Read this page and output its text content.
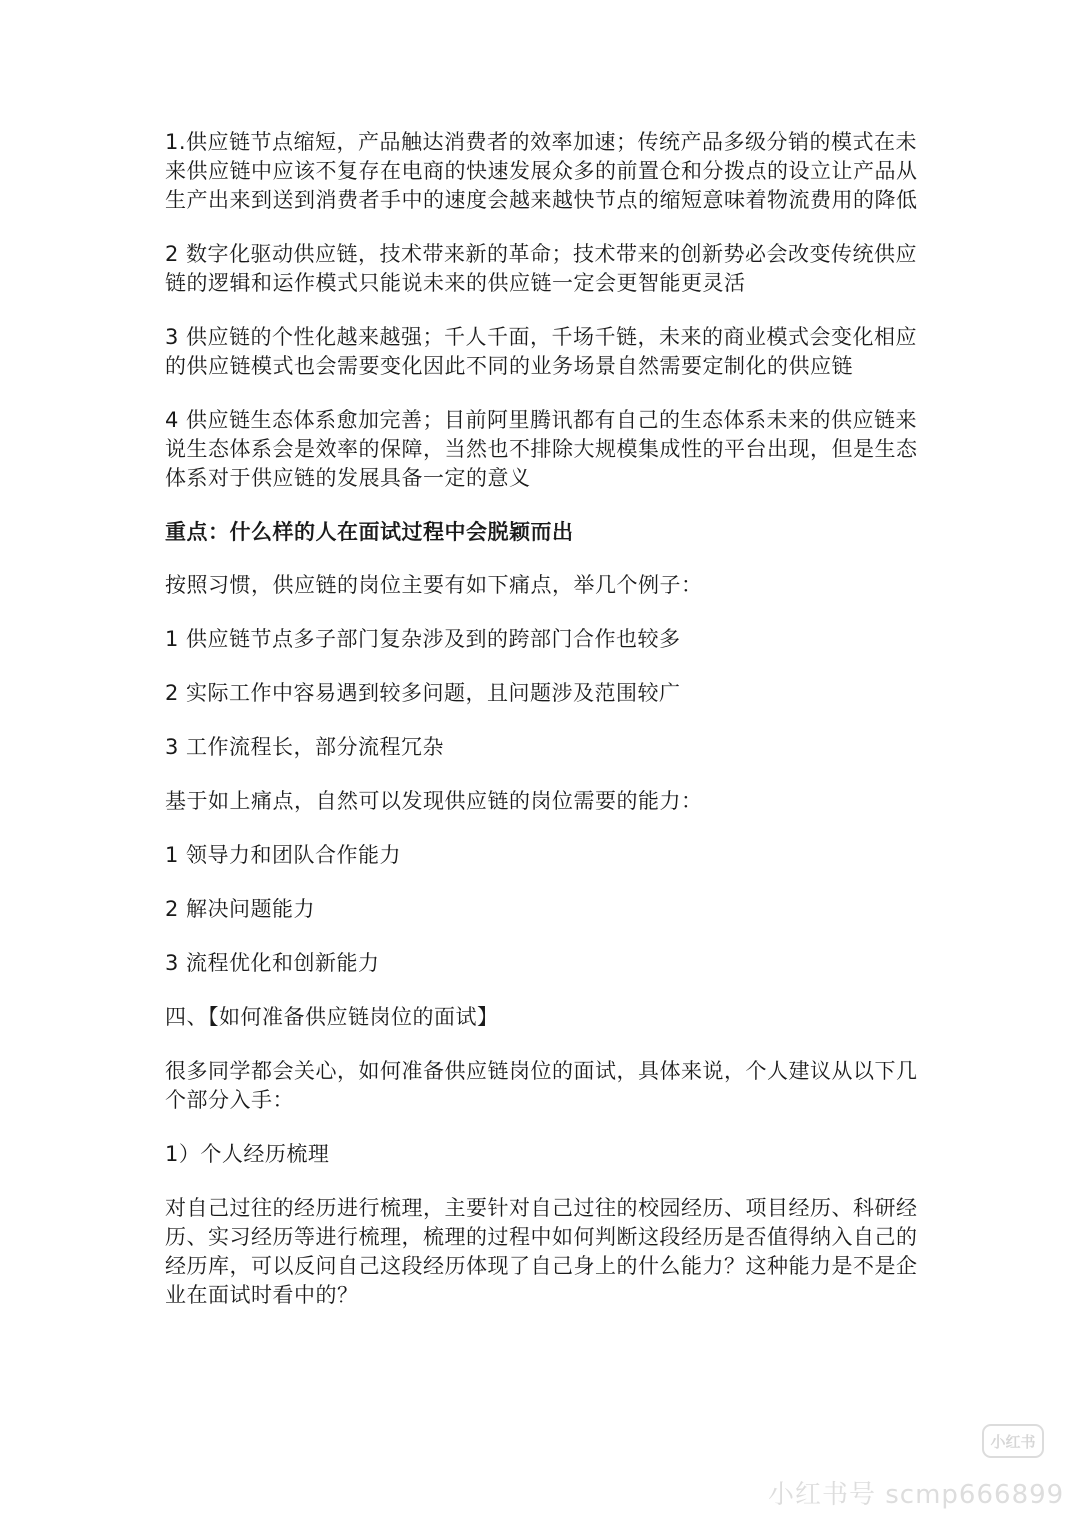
1.供应链节点缩短，产品触达消费者的效率加速；传统产品多级分销的模式在未来供应链中应该不复存在电商的快速发展众多的前置仓和分拨点的设立让产品从生产出来到送到消费者手中的速度会越来越快节点的缩短意味着物流费用的降低

2 数字化驱动供应链，技术带来新的革命；技术带来的创新势必会改变传统供应链的逻辑和运作模式只能说未来的供应链一定会更智能更灵活

3 供应链的个性化越来越强；千人千面，千场千链，未来的商业模式会变化相应的供应链模式也会需要变化因此不同的业务场景自然需要定制化的供应链

4 供应链生态体系愈加完善；目前阿里腾讯都有自己的生态体系未来的供应链来说生态体系会是效率的保障，当然也不排除大规模集成性的平台出现，但是生态体系对于供应链的发展具备一定的意义

重点：什么样的人在面试过程中会脱颖而出

按照习惯，供应链的岗位主要有如下痛点，举几个例子：

1 供应链节点多子部门复杂涉及到的跨部门合作也较多

2 实际工作中容易遇到较多问题，且问题涉及范围较广

3 工作流程长，部分流程冗杂

基于如上痛点，自然可以发现供应链的岗位需要的能力：

1 领导力和团队合作能力

2 解决问题能力

3 流程优化和创新能力

四、【如何准备供应链岗位的面试】

很多同学都会关心，如何准备供应链岗位的面试，具体来说，个人建议从以下几个部分入手：

1）个人经历梳理

对自己过往的经历进行梳理，主要针对自己过往的校园经历、项目经历、科研经历、实习经历等进行梳理，梳理的过程中如何判断这段经历是否值得纳入自己的经历库，可以反问自己这段经历体现了自己身上的什么能力？这种能力是不是企业在面试时看中的？

小红书
小红书号 scmp666899
